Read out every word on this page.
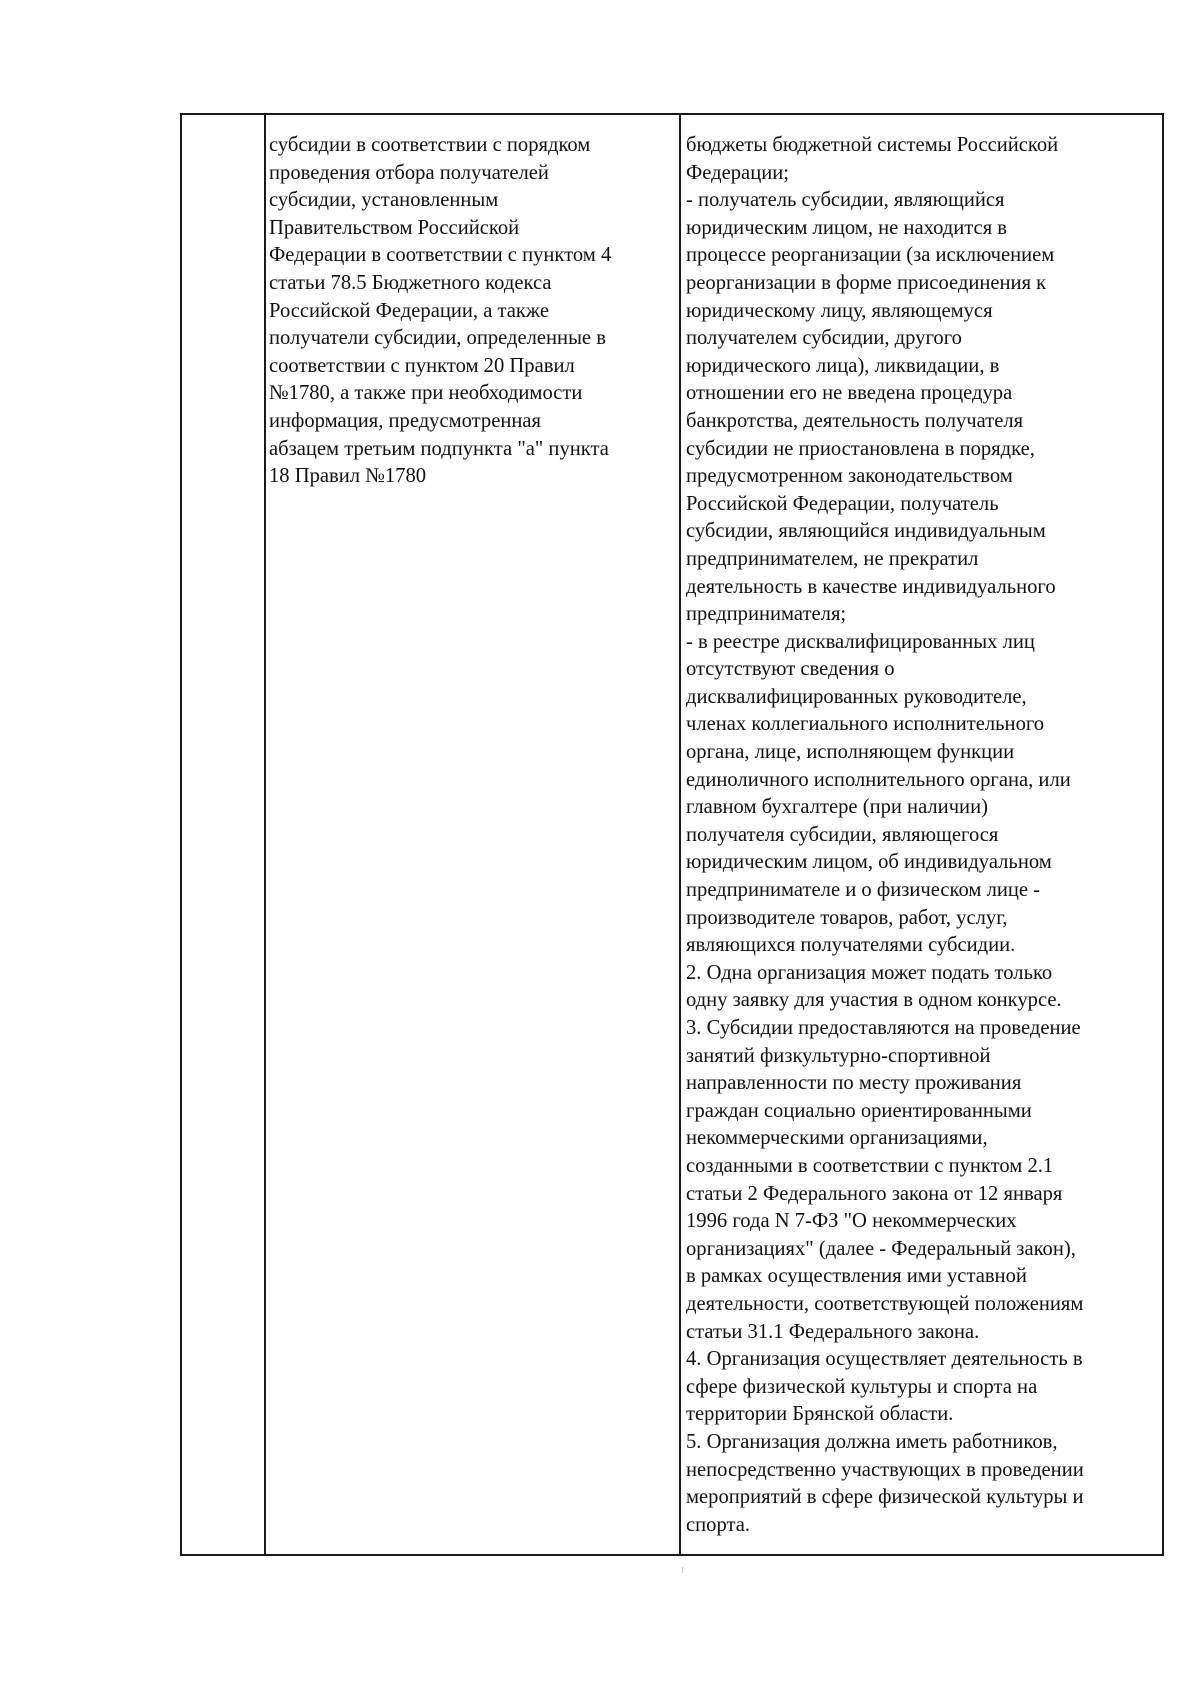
субсидии в соответствии с порядком
проведения отбора получателей
субсидии, установленным
Правительством Российской
Федерации в соответствии с пунктом 4
статьи 78.5 Бюджетного кодекса
Российской Федерации, а также
получатели субсидии, определенные в
соответствии с пунктом 20 Правил
№1780, а также при необходимости
информация, предусмотренная
абзацем третьим подпункта "а" пункта
18 Правил №1780
бюджеты бюджетной системы Российской
Федерации;
- получатель субсидии, являющийся
юридическим лицом, не находится в
процессе реорганизации (за исключением
реорганизации в форме присоединения к
юридическому лицу, являющемуся
получателем субсидии, другого
юридического лица), ликвидации, в
отношении его не введена процедура
банкротства, деятельность получателя
субсидии не приостановлена в порядке,
предусмотренном законодательством
Российской Федерации, получатель
субсидии, являющийся индивидуальным
предпринимателем, не прекратил
деятельность в качестве индивидуального
предпринимателя;
- в реестре дисквалифицированных лиц
отсутствуют сведения о
дисквалифицированных руководителе,
членах коллегиального исполнительного
органа, лице, исполняющем функции
единоличного исполнительного органа, или
главном бухгалтере (при наличии)
получателя субсидии, являющегося
юридическим лицом, об индивидуальном
предпринимателе и о физическом лице -
производителе товаров, работ, услуг,
являющихся получателями субсидии.
2. Одна организация может подать только
одну заявку для участия в одном конкурсе.
3. Субсидии предоставляются на проведение
занятий физкультурно-спортивной
направленности по месту проживания
граждан социально ориентированными
некоммерческими организациями,
созданными в соответствии с пунктом 2.1
статьи 2 Федерального закона от 12 января
1996 года N 7-ФЗ "О некоммерческих
организациях" (далее - Федеральный закон),
в рамках осуществления ими уставной
деятельности, соответствующей положениям
статьи 31.1 Федерального закона.
4. Организация осуществляет деятельность в
сфере физической культуры и спорта на
территории Брянской области.
5. Организация должна иметь работников,
непосредственно участвующих в проведении
мероприятий в сфере физической культуры и
спорта.
